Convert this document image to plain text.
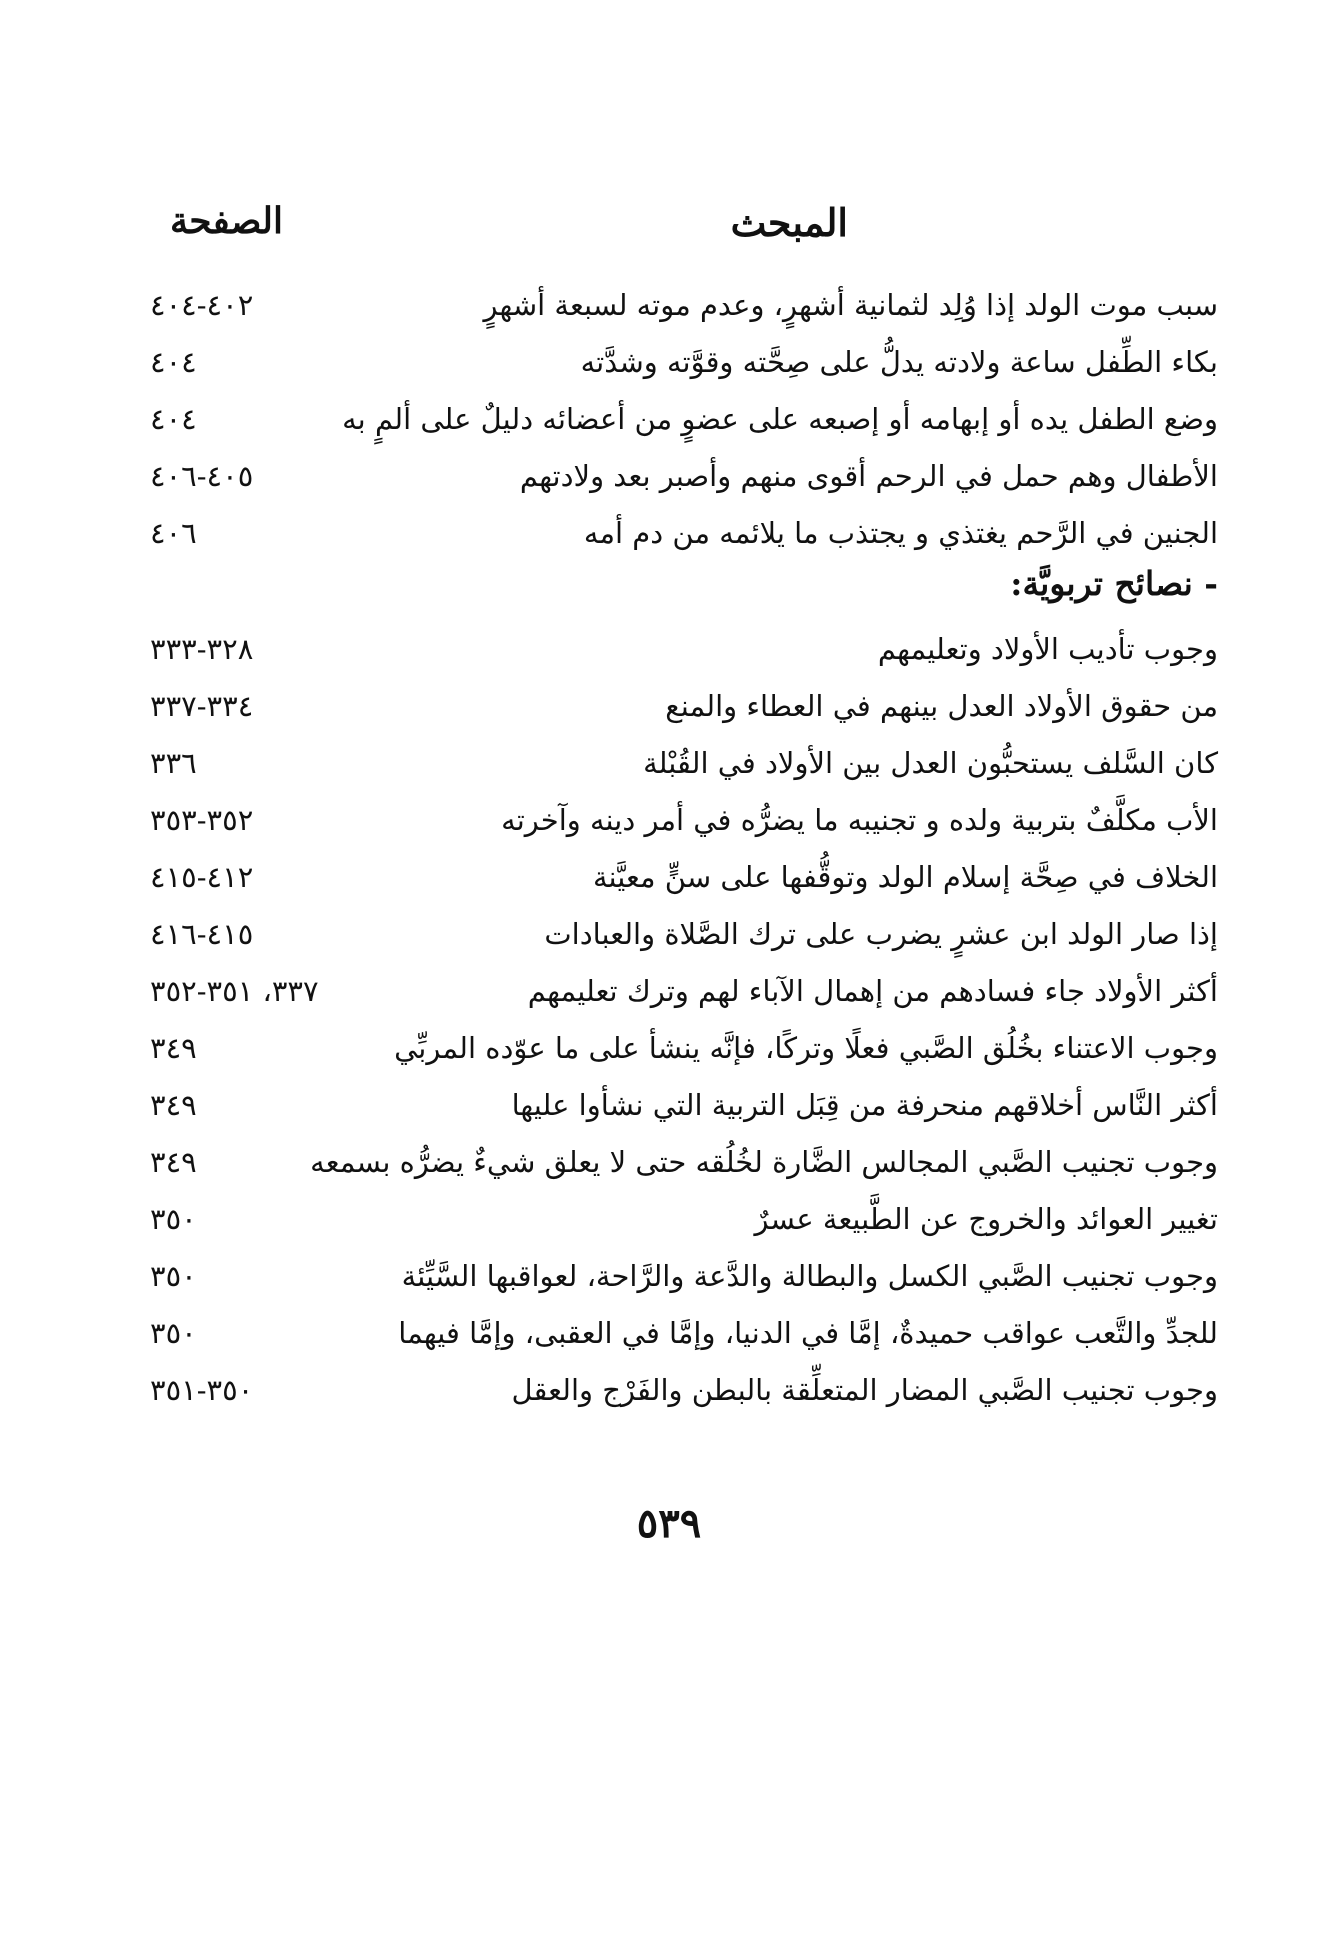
المبحث
الصفحة
سبب موت الولد إذا وُلِد لثمانية أشهرٍ، وعدم موته لسبعة أشهرٍ
٤٠٢-٤٠٤
بكاء الطِّفل ساعة ولادته يدلُّ على صِحَّته وقوَّته وشدَّته
٤٠٤
وضع الطفل يده أو إبهامه أو إصبعه على عضوٍ من أعضائه دليلٌ على ألمٍ به
٤٠٤
الأطفال وهم حمل في الرحم أقوى منهم وأصبر بعد ولادتهم
٤٠٥-٤٠٦
الجنين في الرَّحم يغتذي و يجتذب ما يلائمه من دم أمه
٤٠٦
- نصائح تربويَّة:
وجوب تأديب الأولاد وتعليمهم
٣٢٨-٣٣٣
من حقوق الأولاد العدل بينهم في العطاء والمنع
٣٣٤-٣٣٧
كان السَّلف يستحبُّون العدل بين الأولاد في القُبْلة
٣٣٦
الأب مكلَّفٌ بتربية ولده و تجنيبه ما يضرُّه في أمر دينه وآخرته
٣٥٢-٣٥٣
الخلاف في صِحَّة إسلام الولد وتوقُّفها على سنٍّ معيَّنة
٤١٢-٤١٥
إذا صار الولد ابن عشرٍ يضرب على ترك الصَّلاة والعبادات
٤١٥-٤١٦
أكثر الأولاد جاء فسادهم من إهمال الآباء لهم وترك تعليمهم
٣٣٧، ٣٥١-٣٥٢
وجوب الاعتناء بخُلُق الصَّبي فعلًا وتركًا، فإنَّه ينشأ على ما عوّده المربِّي
٣٤٩
أكثر النَّاس أخلاقهم منحرفة من قِبَل التربية التي نشأوا عليها
٣٤٩
وجوب تجنيب الصَّبي المجالس الضَّارة لخُلُقه حتى لا يعلق شيءٌ يضرُّه بسمعه
٣٤٩
تغيير العوائد والخروج عن الطَّبيعة عسرٌ
٣٥٠
وجوب تجنيب الصَّبي الكسل والبطالة والدَّعة والرَّاحة، لعواقبها السَّيِّئة
٣٥٠
للجدِّ والتَّعب عواقب حميدةٌ، إمَّا في الدنيا، وإمَّا في العقبى، وإمَّا فيهما
٣٥٠
وجوب تجنيب الصَّبي المضار المتعلِّقة بالبطن والفَرْج والعقل
٣٥٠-٣٥١
٥٣٩
